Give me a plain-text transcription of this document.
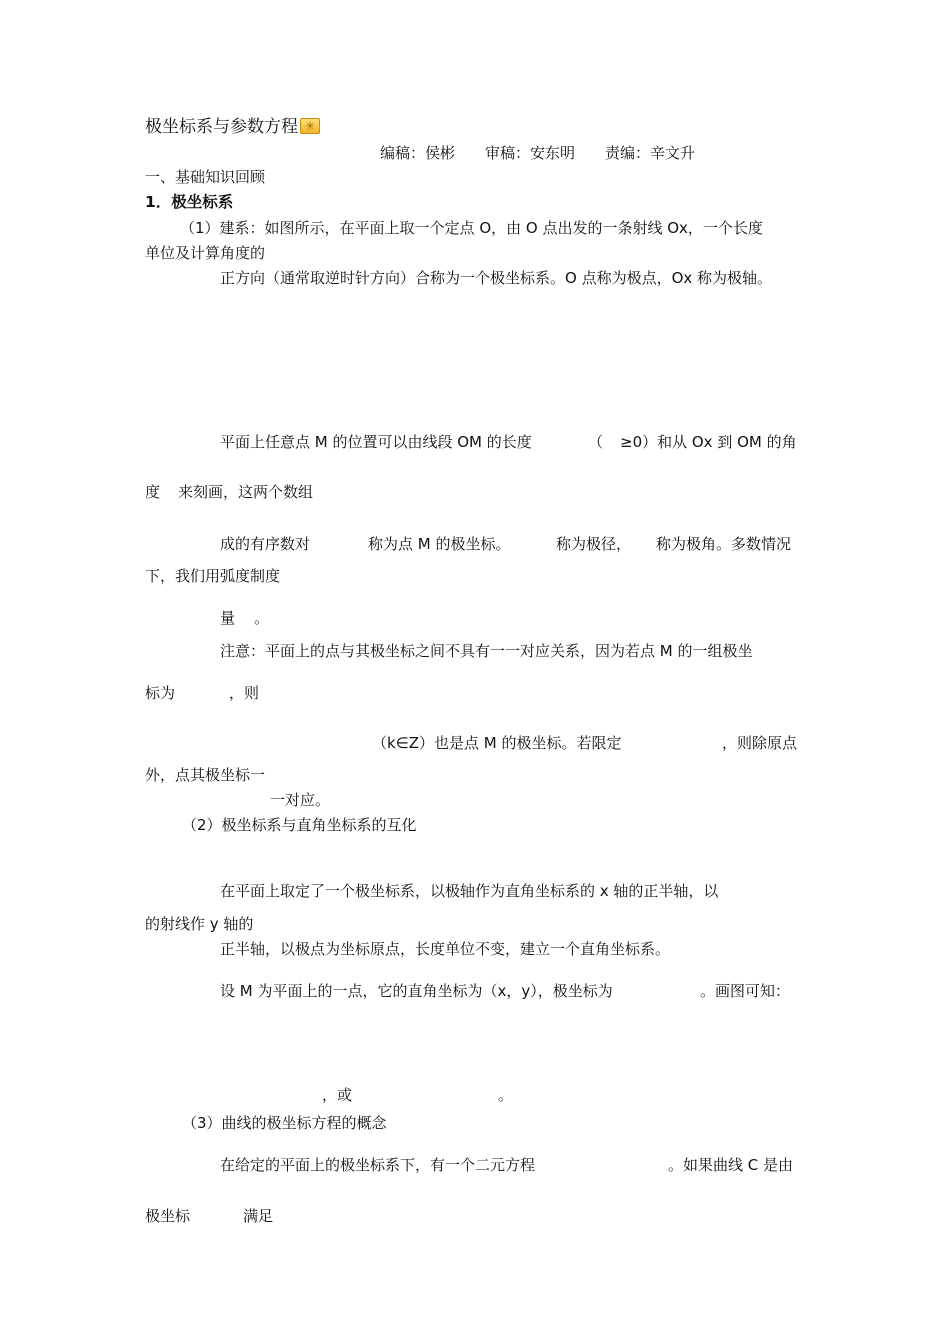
极坐标系与参数方程✳
编稿：侯彬　　审稿：安东明　　责编：辛文升
一、基础知识回顾
1．极坐标系
（1）建系：如图所示，在平面上取一个定点 O，由 O 点出发的一条射线 Ox，一个长度
单位及计算角度的
正方向（通常取逆时针方向）合称为一个极坐标系。O 点称为极点，Ox 称为极轴。
平面上任意点 M 的位置可以由线段 OM 的长度	（ ≥0）和从 Ox 到 OM 的角
度 来刻画，这两个数组
成的有序数对	称为点 M 的极坐标。	称为极径， 称为极角。多数情况
下，我们用弧度制度
量 。
注意：平面上的点与其极坐标之间不具有一一对应关系，因为若点 M 的一组极坐
标为	，则
（k∈Z）也是点 M 的极坐标。若限定	，则除原点
外，点其极坐标一
一对应。
（2）极坐标系与直角坐标系的互化
在平面上取定了一个极坐标系，以极轴作为直角坐标系的 x 轴的正半轴，以
的射线作 y 轴的
正半轴，以极点为坐标原点，长度单位不变，建立一个直角坐标系。
设 M 为平面上的一点，它的直角坐标为（x，y），极坐标为	。画图可知：
，或	。
（3）曲线的极坐标方程的概念
在给定的平面上的极坐标系下，有一个二元方程	。如果曲线 C 是由
极坐标	满足
